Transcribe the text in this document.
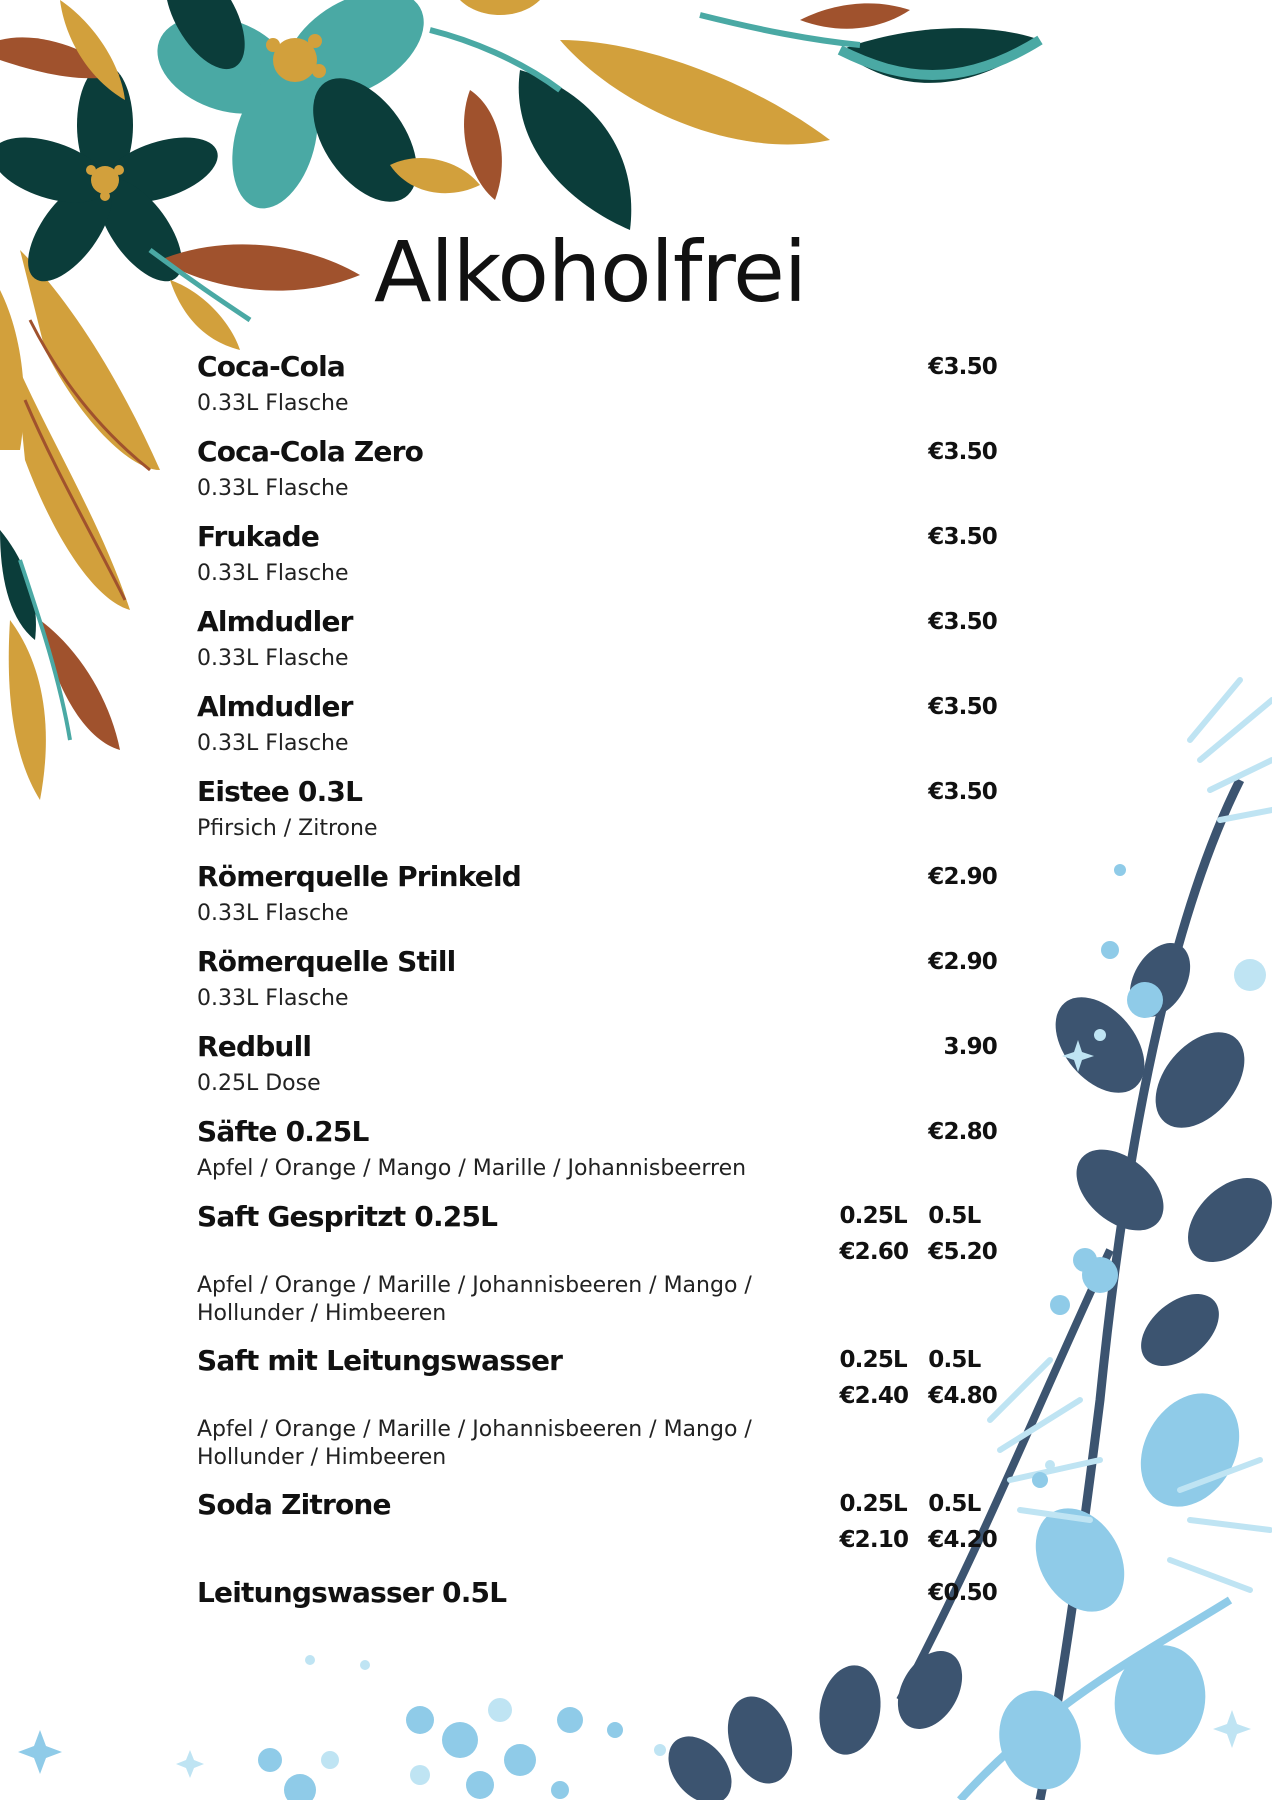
Alkoholfrei
Coca-Cola	€3.50
0.33L Flasche
Coca-Cola Zero	€3.50
0.33L Flasche
Frukade	€3.50
0.33L Flasche
Almdudler	€3.50
0.33L Flasche
Almdudler	€3.50
0.33L Flasche
Eistee 0.3L	€3.50
Pfirsich / Zitrone
Römerquelle Prinkeld	€2.90
0.33L Flasche
Römerquelle Still	€2.90
0.33L Flasche
Redbull	3.90
0.25L Dose
Säfte 0.25L	€2.80
Apfel / Orange / Mango / Marille / Johannisbeerren
Saft Gespritzt 0.25L	0.25L 0.5L
€2.60 €5.20
Apfel / Orange / Marille / Johannisbeeren / Mango / Hollunder / Himbeeren
Saft mit Leitungswasser	0.25L 0.5L
€2.40 €4.80
Apfel / Orange / Marille / Johannisbeeren / Mango / Hollunder / Himbeeren
Soda Zitrone	0.25L 0.5L
€2.10 €4.20
Leitungswasser 0.5L	€0.50
